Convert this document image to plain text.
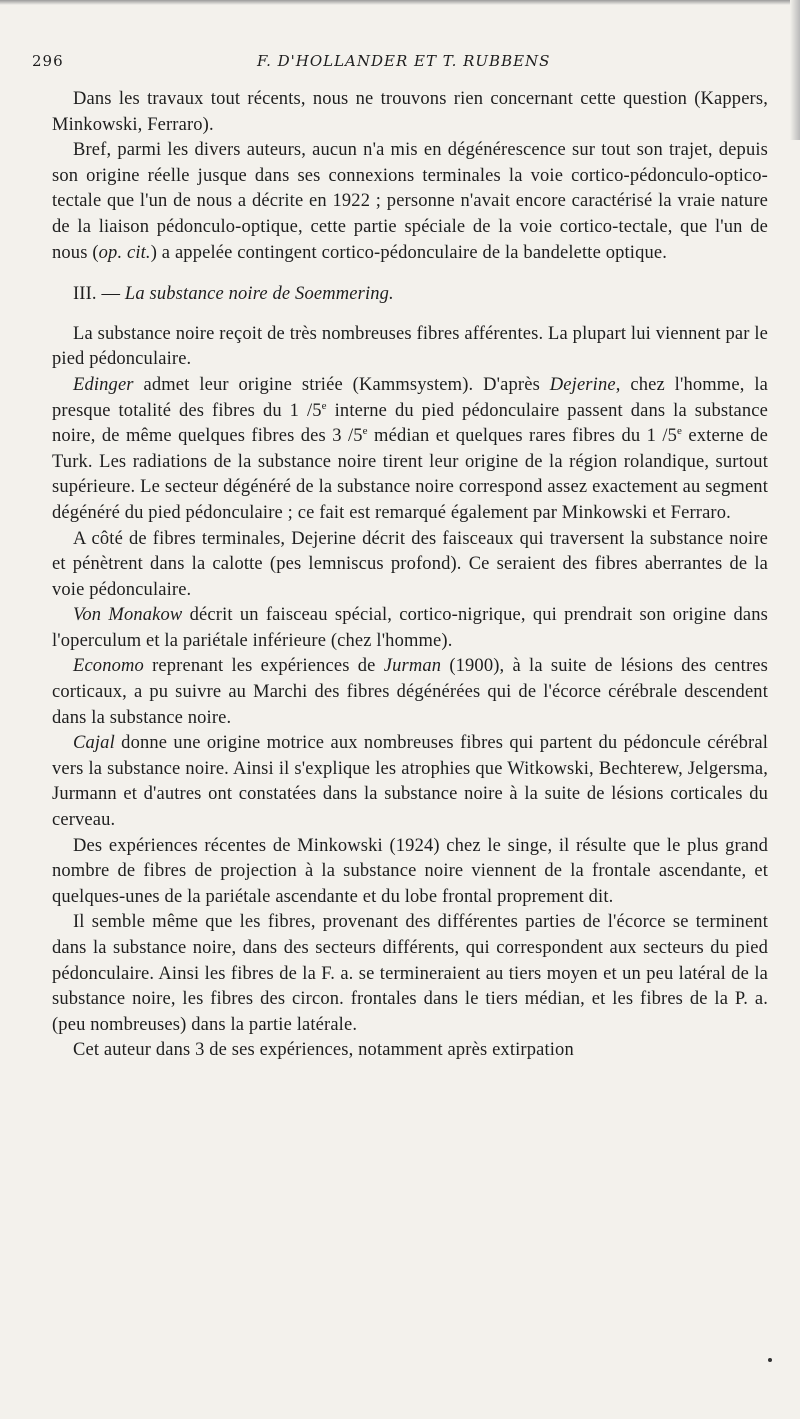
296	F. D'HOLLANDER ET T. RUBBENS

Dans les travaux tout récents, nous ne trouvons rien concernant cette question (Kappers, Minkowski, Ferraro).

Bref, parmi les divers auteurs, aucun n'a mis en dégénérescence sur tout son trajet, depuis son origine réelle jusque dans ses connexions terminales la voie cortico-pédonculo-optico-tectale que l'un de nous a décrite en 1922 ; personne n'avait encore caractérisé la vraie nature de la liaison pédonculo-optique, cette partie spéciale de la voie cortico-tectale, que l'un de nous (op. cit.) a appelée contingent cortico-pédonculaire de la bandelette optique.

III. — La substance noire de Soemmering.

La substance noire reçoit de très nombreuses fibres afférentes. La plupart lui viennent par le pied pédonculaire.

Edinger admet leur origine striée (Kammsystem). D'après Dejerine, chez l'homme, la presque totalité des fibres du 1 /5e interne du pied pédonculaire passent dans la substance noire, de même quelques fibres des 3 /5e médian et quelques rares fibres du 1 /5e externe de Turk. Les radiations de la substance noire tirent leur origine de la région rolandique, surtout supérieure. Le secteur dégénéré de la substance noire correspond assez exactement au segment dégénéré du pied pédonculaire ; ce fait est remarqué également par Minkowski et Ferraro.

A côté de fibres terminales, Dejerine décrit des faisceaux qui traversent la substance noire et pénètrent dans la calotte (pes lemniscus profond). Ce seraient des fibres aberrantes de la voie pédonculaire.

Von Monakow décrit un faisceau spécial, cortico-nigrique, qui prendrait son origine dans l'operculum et la pariétale inférieure (chez l'homme).

Economo reprenant les expériences de Jurman (1900), à la suite de lésions des centres corticaux, a pu suivre au Marchi des fibres dégénérées qui de l'écorce cérébrale descendent dans la substance noire.

Cajal donne une origine motrice aux nombreuses fibres qui partent du pédoncule cérébral vers la substance noire. Ainsi il s'explique les atrophies que Witkowski, Bechterew, Jelgersma, Jurmann et d'autres ont constatées dans la substance noire à la suite de lésions corticales du cerveau.

Des expériences récentes de Minkowski (1924) chez le singe, il résulte que le plus grand nombre de fibres de projection à la substance noire viennent de la frontale ascendante, et quelques-unes de la pariétale ascendante et du lobe frontal proprement dit.

Il semble même que les fibres, provenant des différentes parties de l'écorce se terminent dans la substance noire, dans des secteurs différents, qui correspondent aux secteurs du pied pédonculaire. Ainsi les fibres de la F. a. se termineraient au tiers moyen et un peu latéral de la substance noire, les fibres des circon. frontales dans le tiers médian, et les fibres de la P. a. (peu nombreuses) dans la partie latérale.

Cet auteur dans 3 de ses expériences, notamment après extirpation
